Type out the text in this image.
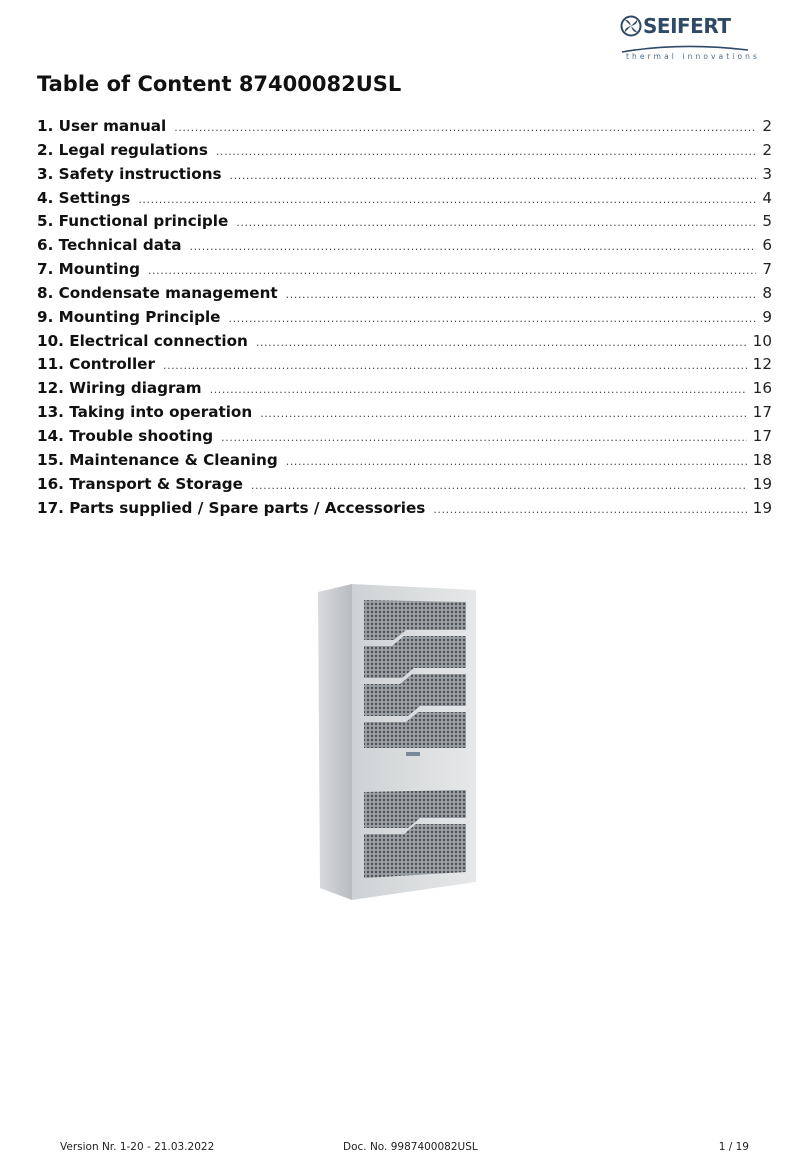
SEIFERT
thermal innovations
Table of Content 87400082USL
1. User manual .....	2
2. Legal regulations .....	2
3. Safety instructions .....	3
4. Settings .....	4
5. Functional principle .....	5
6. Technical data .....	6
7. Mounting .....	7
8. Condensate management .....	8
9. Mounting Principle .....	9
10. Electrical connection .....	10
11. Controller .....	12
12. Wiring diagram .....	16
13. Taking into operation .....	17
14. Trouble shooting .....	17
15. Maintenance & Cleaning .....	18
16. Transport & Storage .....	19
17. Parts supplied / Spare parts / Accessories .....	19
Version Nr. 1-20 - 21.03.2022	Doc. No. 9987400082USL	1 / 19
